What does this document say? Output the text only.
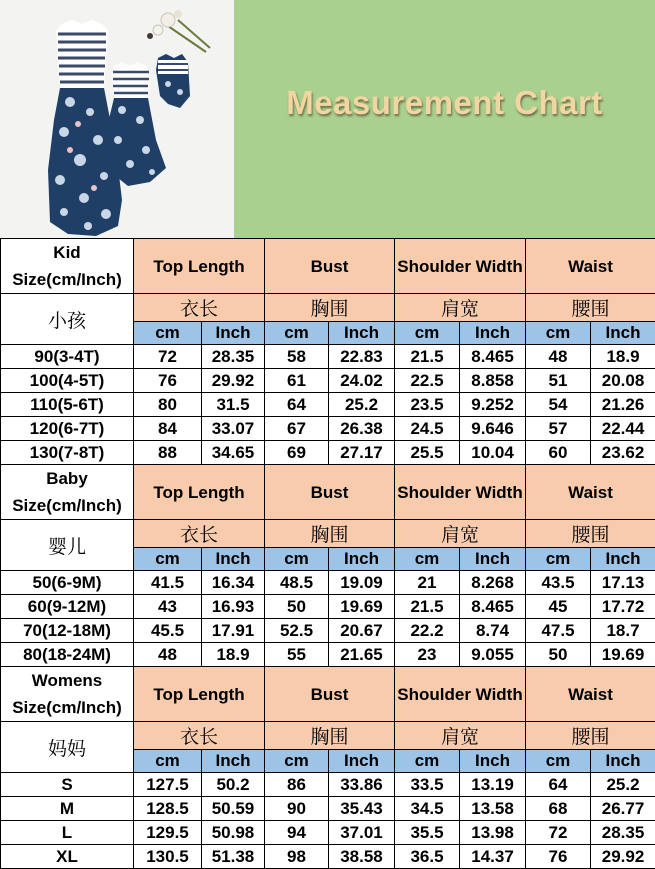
Measurement Chart
Kid Size(cm/Inch)	Top Length		Bust		Shoulder Width		Waist	
小孩	衣长		胸围		肩宽		腰围	
	cm	Inch	cm	Inch	cm	Inch	cm	Inch
90(3-4T)	72	28.35	58	22.83	21.5	8.465	48	18.9
100(4-5T)	76	29.92	61	24.02	22.5	8.858	51	20.08
110(5-6T)	80	31.5	64	25.2	23.5	9.252	54	21.26
120(6-7T)	84	33.07	67	26.38	24.5	9.646	57	22.44
130(7-8T)	88	34.65	69	27.17	25.5	10.04	60	23.62
Baby Size(cm/Inch)	Top Length		Bust		Shoulder Width		Waist	
婴儿	衣长		胸围		肩宽		腰围	
	cm	Inch	cm	Inch	cm	Inch	cm	Inch
50(6-9M)	41.5	16.34	48.5	19.09	21	8.268	43.5	17.13
60(9-12M)	43	16.93	50	19.69	21.5	8.465	45	17.72
70(12-18M)	45.5	17.91	52.5	20.67	22.2	8.74	47.5	18.7
80(18-24M)	48	18.9	55	21.65	23	9.055	50	19.69
Womens Size(cm/Inch)	Top Length		Bust		Shoulder Width		Waist	
妈妈	衣长		胸围		肩宽		腰围	
	cm	Inch	cm	Inch	cm	Inch	cm	Inch
S	127.5	50.2	86	33.86	33.5	13.19	64	25.2
M	128.5	50.59	90	35.43	34.5	13.58	68	26.77
L	129.5	50.98	94	37.01	35.5	13.98	72	28.35
XL	130.5	51.38	98	38.58	36.5	14.37	76	29.92
